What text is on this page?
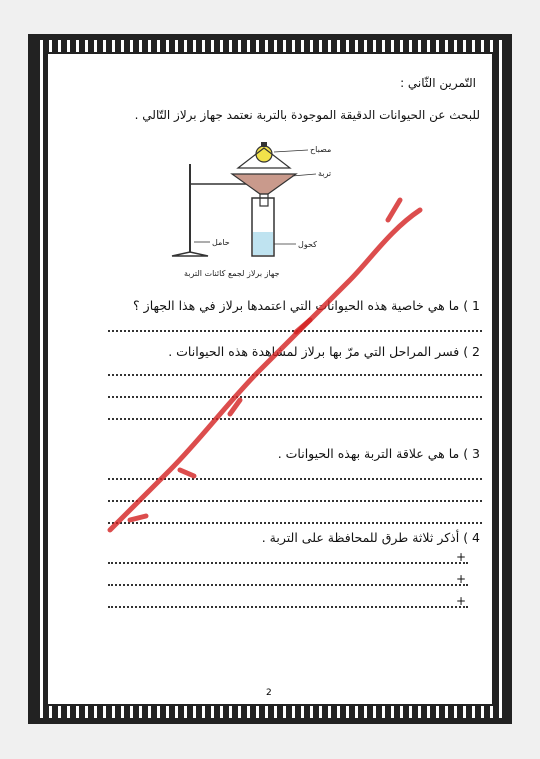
التّمرين الثّاني :
للبحث عن الحيوانات الدقيقة الموجودة بالتربة نعتمد جهاز برلاز التّالي .
مصباح
تربة
كحول
حامل
جهاز برلاز لجمع كائنات التربة
1 ) ما هي خاصية هذه الحيوانات التي اعتمدها برلاز في هذا الجهاز ؟
2 ) فسر المراحل التي مرّ بها برلاز لمشاهدة هذه الحيوانات .
3 ) ما هي علاقة التربة بهذه الحيوانات .
4 ) أذكر ثلاثة طرق للمحافظة على التربة .
+
+
+
2
